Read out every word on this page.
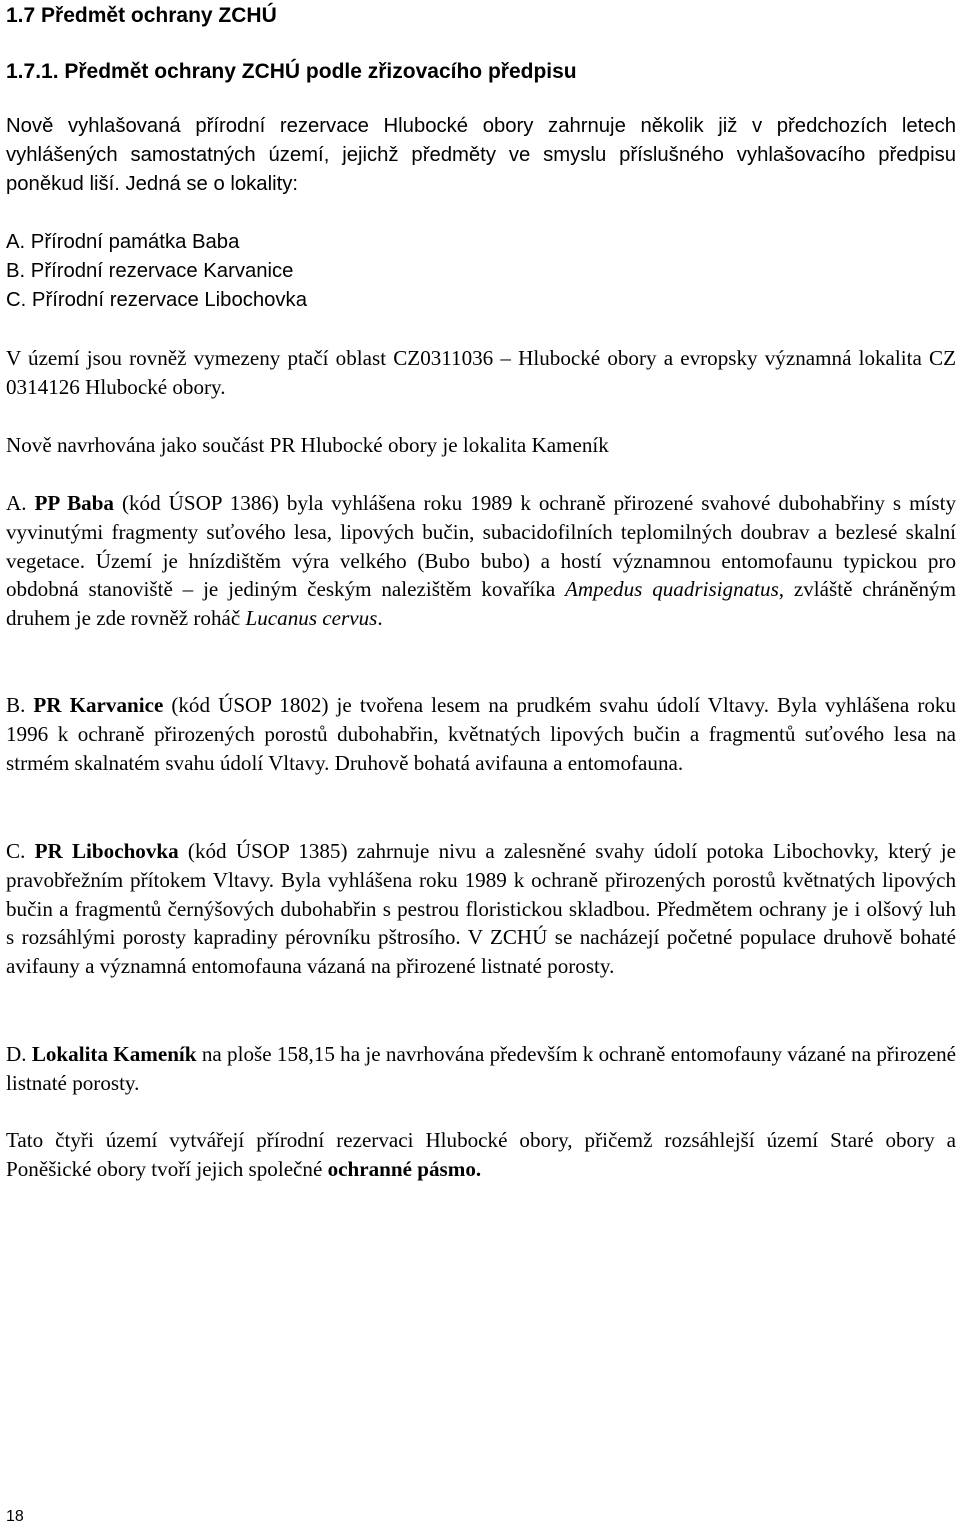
1.7 Předmět ochrany ZCHÚ
1.7.1. Předmět ochrany ZCHÚ podle zřizovacího předpisu

Nově vyhlašovaná přírodní rezervace Hlubocké obory zahrnuje několik již v předchozích letech vyhlášených samostatných území, jejichž předměty ve smyslu příslušného vyhlašovacího předpisu poněkud liší. Jedná se o lokality:

A. Přírodní památka Baba
B. Přírodní rezervace Karvanice
C. Přírodní rezervace Libochovka

V území jsou rovněž vymezeny ptačí oblast CZ0311036 – Hlubocké obory a evropsky významná lokalita CZ 0314126 Hlubocké obory.

Nově navrhována jako součást PR Hlubocké obory je lokalita Kameník

A. PP Baba (kód ÚSOP 1386) byla vyhlášena roku 1989 k ochraně přirozené svahové dubohabřiny s místy vyvinutými fragmenty suťového lesa, lipových bučin, subacidofilních teplomilných doubrav a bezlesé skalní vegetace. Území je hnízdištěm výra velkého (Bubo bubo) a hostí významnou entomofaunu typickou pro obdobná stanoviště – je jediným českým nalezištěm kovaříka Ampedus quadrisignatus, zvláště chráněným druhem je zde rovněž roháč Lucanus cervus.

B. PR Karvanice (kód ÚSOP 1802) je tvořena lesem na prudkém svahu údolí Vltavy. Byla vyhlášena roku 1996 k ochraně přirozených porostů dubohabřin, květnatých lipových bučin a fragmentů suťového lesa na strmém skalnatém svahu údolí Vltavy. Druhově bohatá avifauna a entomofauna.

C. PR Libochovka (kód ÚSOP 1385) zahrnuje nivu a zalesněné svahy údolí potoka Libochovky, který je pravobřežním přítokem Vltavy. Byla vyhlášena roku 1989 k ochraně přirozených porostů květnatých lipových bučin a fragmentů černýšových dubohabřin s pestrou floristickou skladbou. Předmětem ochrany je i olšový luh s rozsáhlými porosty kapradiny pérovníku pštrosího. V ZCHÚ se nacházejí početné populace druhově bohaté avifauny a významná entomofauna vázaná na přirozené listnaté porosty.

D. Lokalita Kameník na ploše 158,15 ha je navrhována především k ochraně entomofauny vázané na přirozené listnaté porosty.

Tato čtyři území vytvářejí přírodní rezervaci Hlubocké obory, přičemž rozsáhlejší území Staré obory a Poněšické obory tvoří jejich společné ochranné pásmo.

18
